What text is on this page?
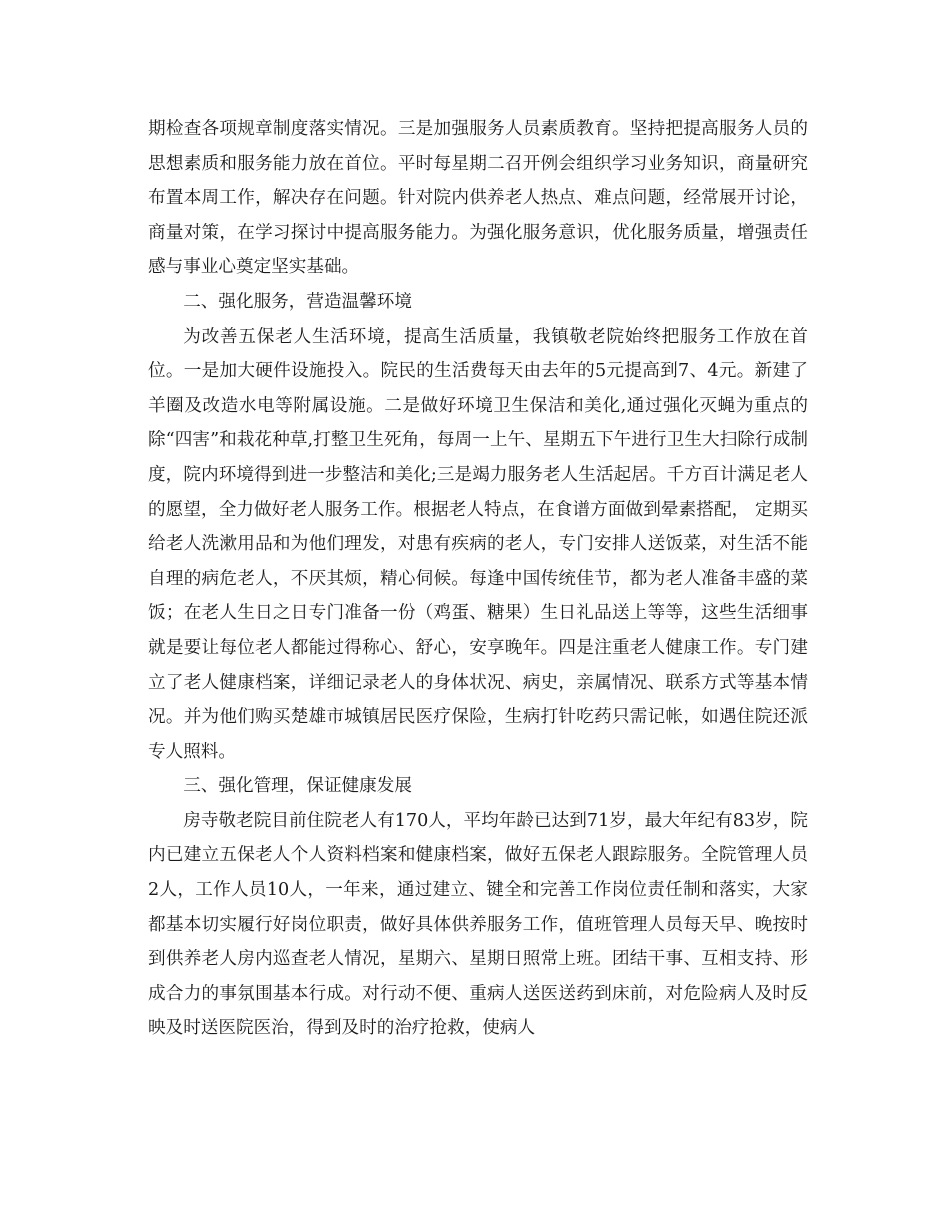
期检查各项规章制度落实情况。三是加强服务人员素质教育。坚持把提高服务人员的思想素质和服务能力放在首位。平时每星期二召开例会组织学习业务知识，商量研究布置本周工作，解决存在问题。针对院内供养老人热点、难点问题，经常展开讨论，商量对策，在学习探讨中提高服务能力。为强化服务意识，优化服务质量，增强责任感与事业心奠定坚实基础。

二、强化服务，营造温馨环境

为改善五保老人生活环境，提高生活质量，我镇敬老院始终把服务工作放在首位。一是加大硬件设施投入。院民的生活费每天由去年的5元提高到7、4元。新建了羊圈及改造水电等附属设施。二是做好环境卫生保洁和美化,通过强化灭蝇为重点的除“四害”和栽花种草,打整卫生死角，每周一上午、星期五下午进行卫生大扫除行成制度，院内环境得到进一步整洁和美化;三是竭力服务老人生活起居。千方百计满足老人的愿望，全力做好老人服务工作。根据老人特点，在食谱方面做到晕素搭配， 定期买给老人洗漱用品和为他们理发，对患有疾病的老人，专门安排人送饭菜，对生活不能自理的病危老人，不厌其烦，精心伺候。每逢中国传统佳节，都为老人准备丰盛的菜饭；在老人生日之日专门准备一份（鸡蛋、糖果）生日礼品送上等等，这些生活细事就是要让每位老人都能过得称心、舒心，安享晚年。四是注重老人健康工作。专门建立了老人健康档案，详细记录老人的身体状况、病史，亲属情况、联系方式等基本情况。并为他们购买楚雄市城镇居民医疗保险，生病打针吃药只需记帐，如遇住院还派专人照料。

三、强化管理，保证健康发展

房寺敬老院目前住院老人有170人，平均年龄已达到71岁，最大年纪有83岁，院内已建立五保老人个人资料档案和健康档案，做好五保老人跟踪服务。全院管理人员2人，工作人员10人，一年来，通过建立、键全和完善工作岗位责任制和落实，大家都基本切实履行好岗位职责，做好具体供养服务工作，值班管理人员每天早、晚按时到供养老人房内巡查老人情况，星期六、星期日照常上班。团结干事、互相支持、形成合力的事氛围基本行成。对行动不便、重病人送医送药到床前，对危险病人及时反映及时送医院医治，得到及时的治疗抢救，使病人
